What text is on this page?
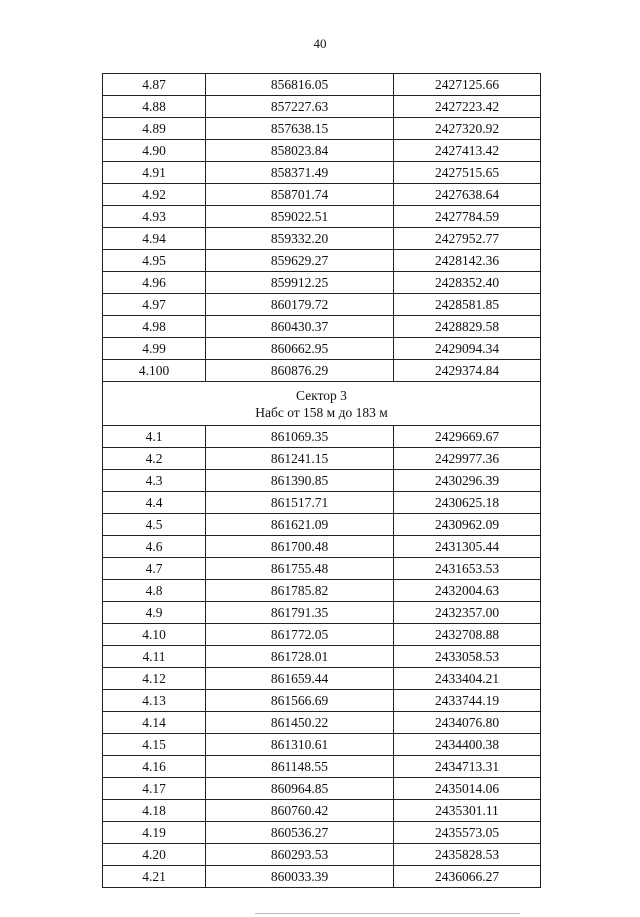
40
4.87	856816.05	2427125.66
4.88	857227.63	2427223.42
4.89	857638.15	2427320.92
4.90	858023.84	2427413.42
4.91	858371.49	2427515.65
4.92	858701.74	2427638.64
4.93	859022.51	2427784.59
4.94	859332.20	2427952.77
4.95	859629.27	2428142.36
4.96	859912.25	2428352.40
4.97	860179.72	2428581.85
4.98	860430.37	2428829.58
4.99	860662.95	2429094.34
4.100	860876.29	2429374.84

Сектор 3
Набс от 158 м до 183 м		

4.1	861069.35	2429669.67
4.2	861241.15	2429977.36
4.3	861390.85	2430296.39
4.4	861517.71	2430625.18
4.5	861621.09	2430962.09
4.6	861700.48	2431305.44
4.7	861755.48	2431653.53
4.8	861785.82	2432004.63
4.9	861791.35	2432357.00
4.10	861772.05	2432708.88
4.11	861728.01	2433058.53
4.12	861659.44	2433404.21
4.13	861566.69	2433744.19
4.14	861450.22	2434076.80
4.15	861310.61	2434400.38
4.16	861148.55	2434713.31
4.17	860964.85	2435014.06
4.18	860760.42	2435301.11
4.19	860536.27	2435573.05
4.20	860293.53	2435828.53
4.21	860033.39	2436066.27
